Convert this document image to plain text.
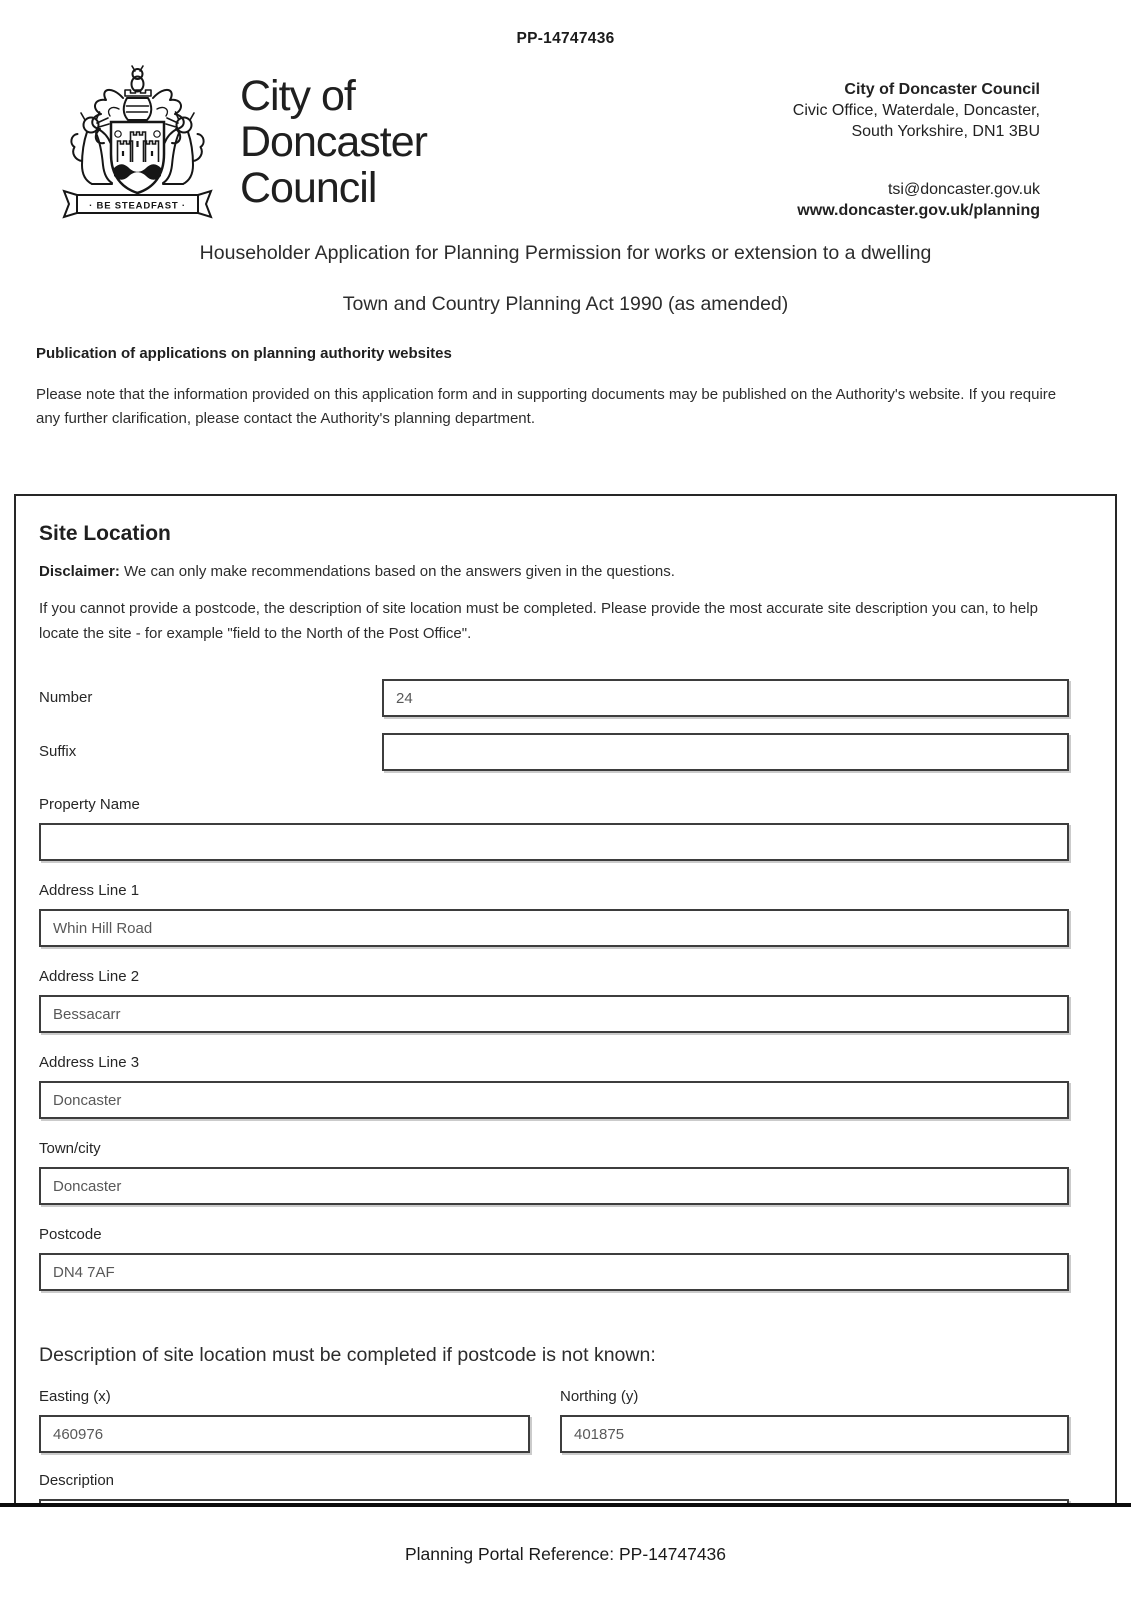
PP-14747436
· BE STEADFAST ·
City of
Doncaster
Council
City of Doncaster Council
Civic Office, Waterdale, Doncaster,
South Yorkshire, DN1 3BU
tsi@doncaster.gov.uk
www.doncaster.gov.uk/planning
Householder Application for Planning Permission for works or extension to a dwelling
Town and Country Planning Act 1990 (as amended)
Publication of applications on planning authority websites

Please note that the information provided on this application form and in supporting documents may be published on the Authority's website. If you require any further clarification, please contact the Authority's planning department.

Site Location

Disclaimer: We can only make recommendations based on the answers given in the questions.

If you cannot provide a postcode, the description of site location must be completed. Please provide the most accurate site description you can, to help locate the site - for example "field to the North of the Post Office".

Number
24
Suffix
Property Name
Address Line 1
Whin Hill Road
Address Line 2
Bessacarr
Address Line 3
Doncaster
Town/city
Doncaster
Postcode
DN4 7AF
Description of site location must be completed if postcode is not known:
Easting (x)
460976	Northing (y)
401875
Description
Planning Portal Reference: PP-14747436
